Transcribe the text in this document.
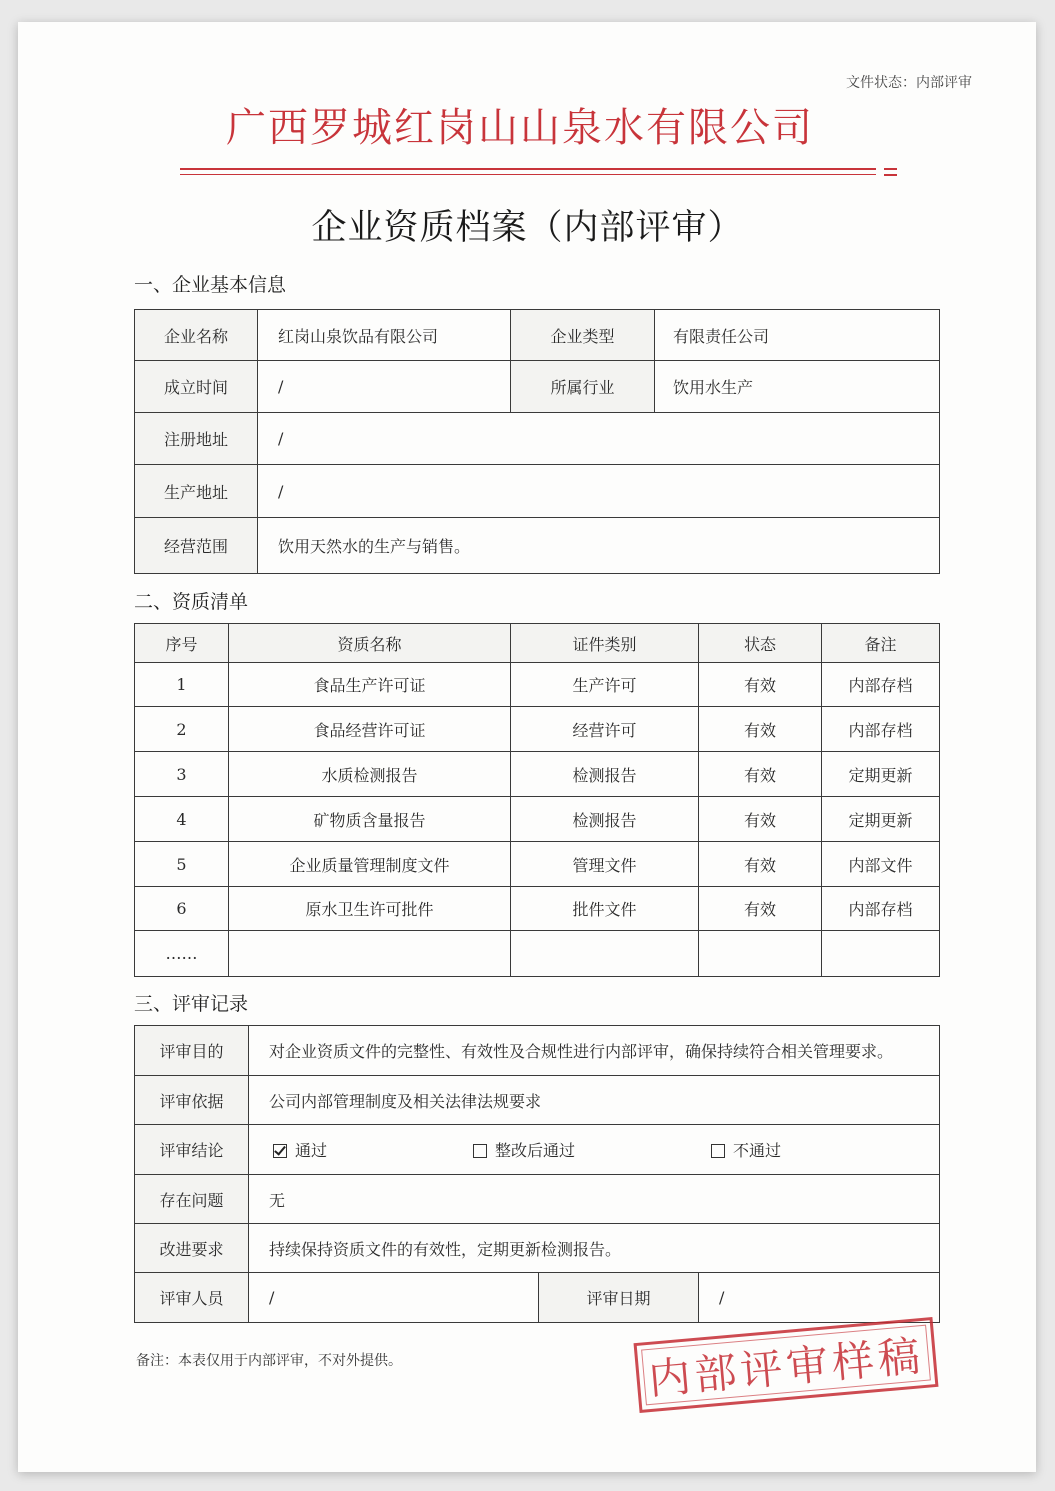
文件状态：内部评审
广西罗城红岗山山泉水有限公司
企业资质档案（内部评审）
一、企业基本信息
企业名称	红岗山泉饮品有限公司	企业类型	有限责任公司
成立时间	/	所属行业	饮用水生产
注册地址	/		
生产地址	/		
经营范围	饮用天然水的生产与销售。		
二、资质清单
序号	资质名称	证件类别	状态	备注
1	食品生产许可证	生产许可	有效	内部存档
2	食品经营许可证	经营许可	有效	内部存档
3	水质检测报告	检测报告	有效	定期更新
4	矿物质含量报告	检测报告	有效	定期更新
5	企业质量管理制度文件	管理文件	有效	内部文件
6	原水卫生许可批件	批件文件	有效	内部存档
……				
三、评审记录
评审目的	对企业资质文件的完整性、有效性及合规性进行内部评审，确保持续符合相关管理要求。		
评审依据	公司内部管理制度及相关法律法规要求		
评审结论	通过 整改后通过 不通过		
存在问题	无		
改进要求	持续保持资质文件的有效性，定期更新检测报告。		
评审人员	/	评审日期	/
备注：本表仅用于内部评审，不对外提供。	内部评审样稿
